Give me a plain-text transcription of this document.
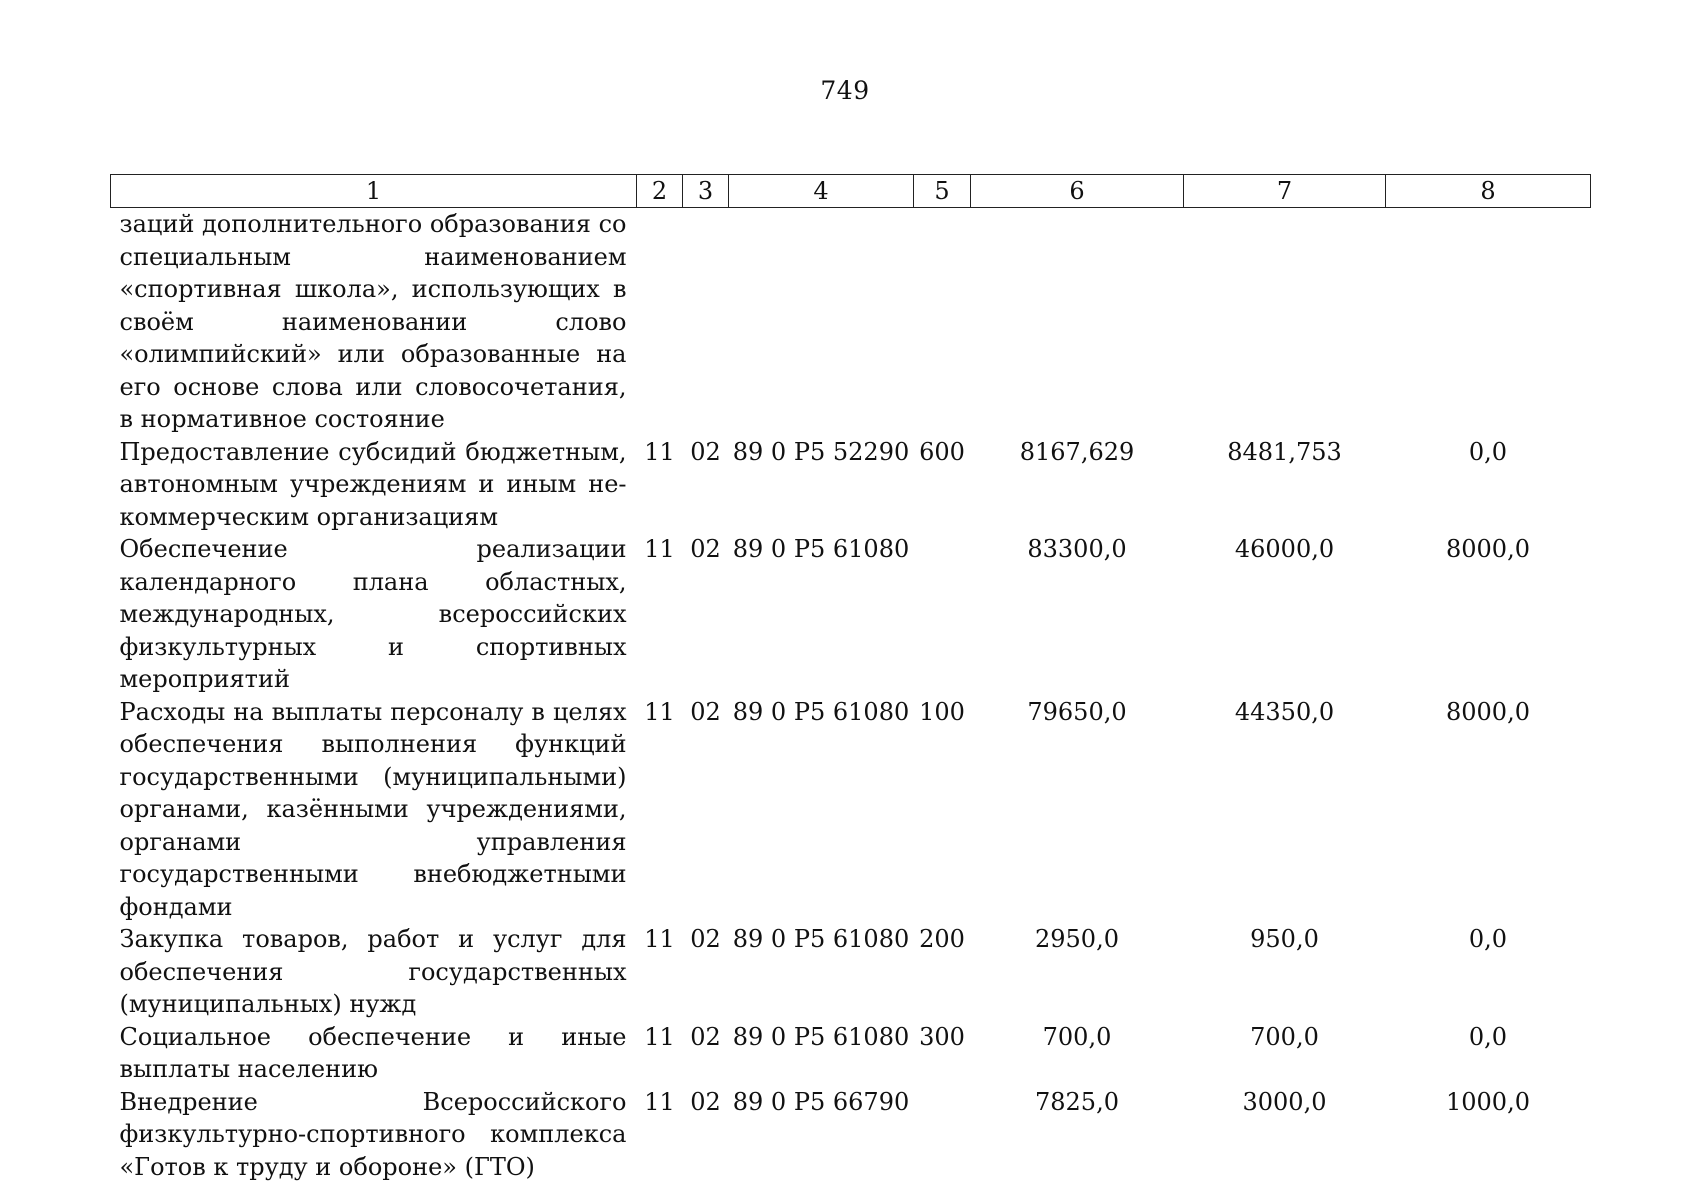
749
1	2	3	4	5	6	7	8
заций дополнительного образования со специальным наименованием «спортивная школа», использующих в своём наименовании слово «олимпийский» или образованные на его основе слова или словосочетания, в нормативное состояние							
Предоставление субсидий бюджетным, автономным учреждениям и иным некоммерческим организациям	11	02	89 0 P5 52290	600	8167,629	8481,753	0,0
Обеспечение реализации календарного плана областных, международных, всероссийских физкультурных и спортивных мероприятий	11	02	89 0 P5 61080		83300,0	46000,0	8000,0
Расходы на выплаты персоналу в целях обеспечения выполнения функций государственными (муниципальными) органами, казёнными учреждениями, органами управления государственными внебюджетными фондами	11	02	89 0 P5 61080	100	79650,0	44350,0	8000,0
Закупка товаров, работ и услуг для обеспечения государственных (муниципальных) нужд	11	02	89 0 P5 61080	200	2950,0	950,0	0,0
Социальное обеспечение и иные выплаты населению	11	02	89 0 P5 61080	300	700,0	700,0	0,0
Внедрение Всероссийского физкультурно-спортивного комплекса «Готов к труду и обороне» (ГТО)	11	02	89 0 P5 66790		7825,0	3000,0	1000,0
